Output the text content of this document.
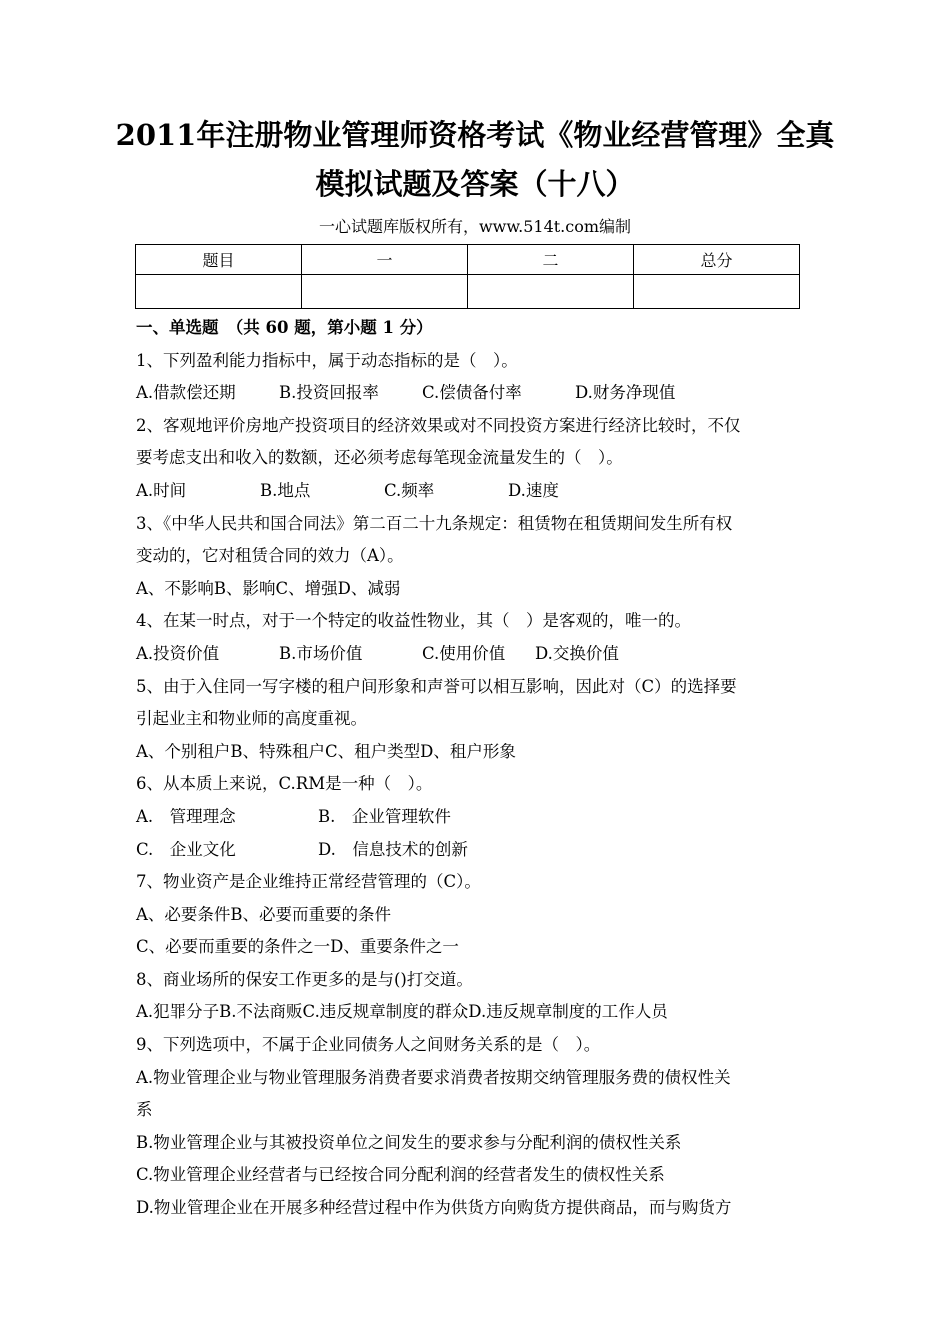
2011年注册物业管理师资格考试《物业经营管理》全真
模拟试题及答案（十八）
一心试题库版权所有，www.514t.com编制
题目	一	二	总分

一、单选题　（共 60 题，第小题 1 分）
1、下列盈利能力指标中，属于动态指标的是（　）。
A.借款偿还期	B.投资回报率	C.偿债备付率	D.财务净现值
2、客观地评价房地产投资项目的经济效果或对不同投资方案进行经济比较时，不仅
要考虑支出和收入的数额，还必须考虑每笔现金流量发生的（　）。
A.时间	B.地点	C.频率	D.速度
3、《中华人民共和国合同法》第二百二十九条规定：租赁物在租赁期间发生所有权
变动的，它对租赁合同的效力（A）。
A、不影响B、影响C、增强D、减弱
4、在某一时点，对于一个特定的收益性物业，其（　）是客观的，唯一的。
A.投资价值	B.市场价值	C.使用价值 D.交换价值
5、由于入住同一写字楼的租户间形象和声誉可以相互影响，因此对（C）的选择要
引起业主和物业师的高度重视。
A、个别租户B、特殊租户C、租户类型D、租户形象
6、从本质上来说，C.RM是一种（　）。
A.　管理理念	B.　企业管理软件
C.　企业文化	D.　信息技术的创新
7、物业资产是企业维持正常经营管理的（C）。
A、必要条件B、必要而重要的条件
C、必要而重要的条件之一D、重要条件之一
8、商业场所的保安工作更多的是与()打交道。
A.犯罪分子B.不法商贩C.违反规章制度的群众D.违反规章制度的工作人员
9、下列选项中，不属于企业同债务人之间财务关系的是（　）。
A.物业管理企业与物业管理服务消费者要求消费者按期交纳管理服务费的债权性关
系
B.物业管理企业与其被投资单位之间发生的要求参与分配利润的债权性关系
C.物业管理企业经营者与已经按合同分配利润的经营者发生的债权性关系
D.物业管理企业在开展多种经营过程中作为供货方向购货方提供商品，而与购货方
